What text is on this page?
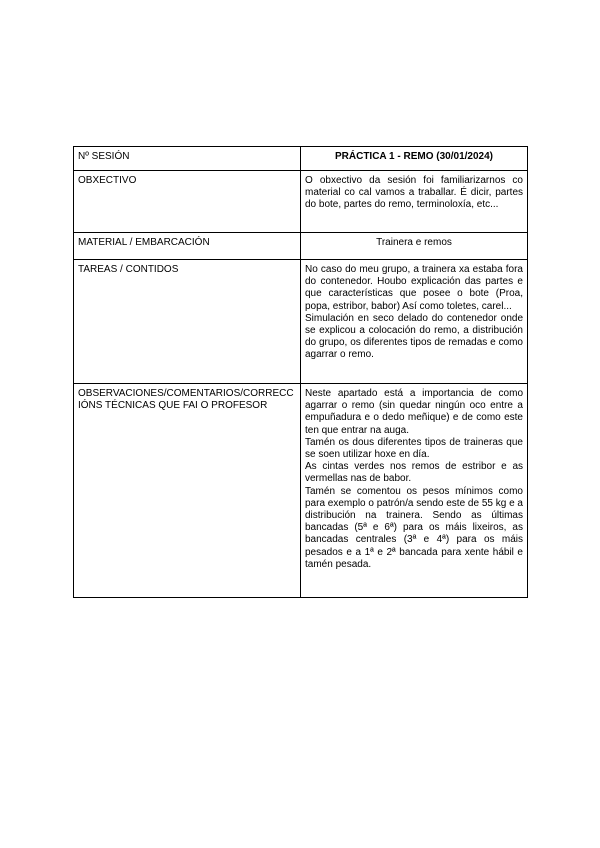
Nº SESIÓN	PRÁCTICA 1 - REMO (30/01/2024)
OBXECTIVO	O obxectivo da sesión foi familiarizarnos co material co cal vamos a traballar. É dicir, partes do bote, partes do remo, terminoloxía, etc...
MATERIAL / EMBARCACIÓN	Trainera e remos
TAREAS / CONTIDOS	No caso do meu grupo, a trainera xa estaba fora do contenedor. Houbo explicación das partes e que características que posee o bote (Proa, popa, estribor, babor) Así como toletes, carel...

Simulación en seco delado do contenedor onde se explicou a colocación do remo, a distribución do grupo, os diferentes tipos de remadas e como agarrar o remo.

OBSERVACIONES/COMENTARIOS/CORRECCIÓNS TÉCNICAS QUE FAI O PROFESOR	Neste apartado está a importancia de como agarrar o remo (sin quedar ningún oco entre a empuñadura e o dedo meñique) e de como este ten que entrar na auga.

Tamén os dous diferentes tipos de traineras que se soen utilizar hoxe en día.

As cintas verdes nos remos de estribor e as vermellas nas de babor.

Tamén se comentou os pesos mínimos como para exemplo o patrón/a sendo este de 55 kg e a distribución na trainera. Sendo as últimas bancadas (5ª e 6ª) para os máis lixeiros, as bancadas centrales (3ª e 4ª) para os máis pesados e a 1ª e 2ª bancada para xente hábil e tamén pesada.
